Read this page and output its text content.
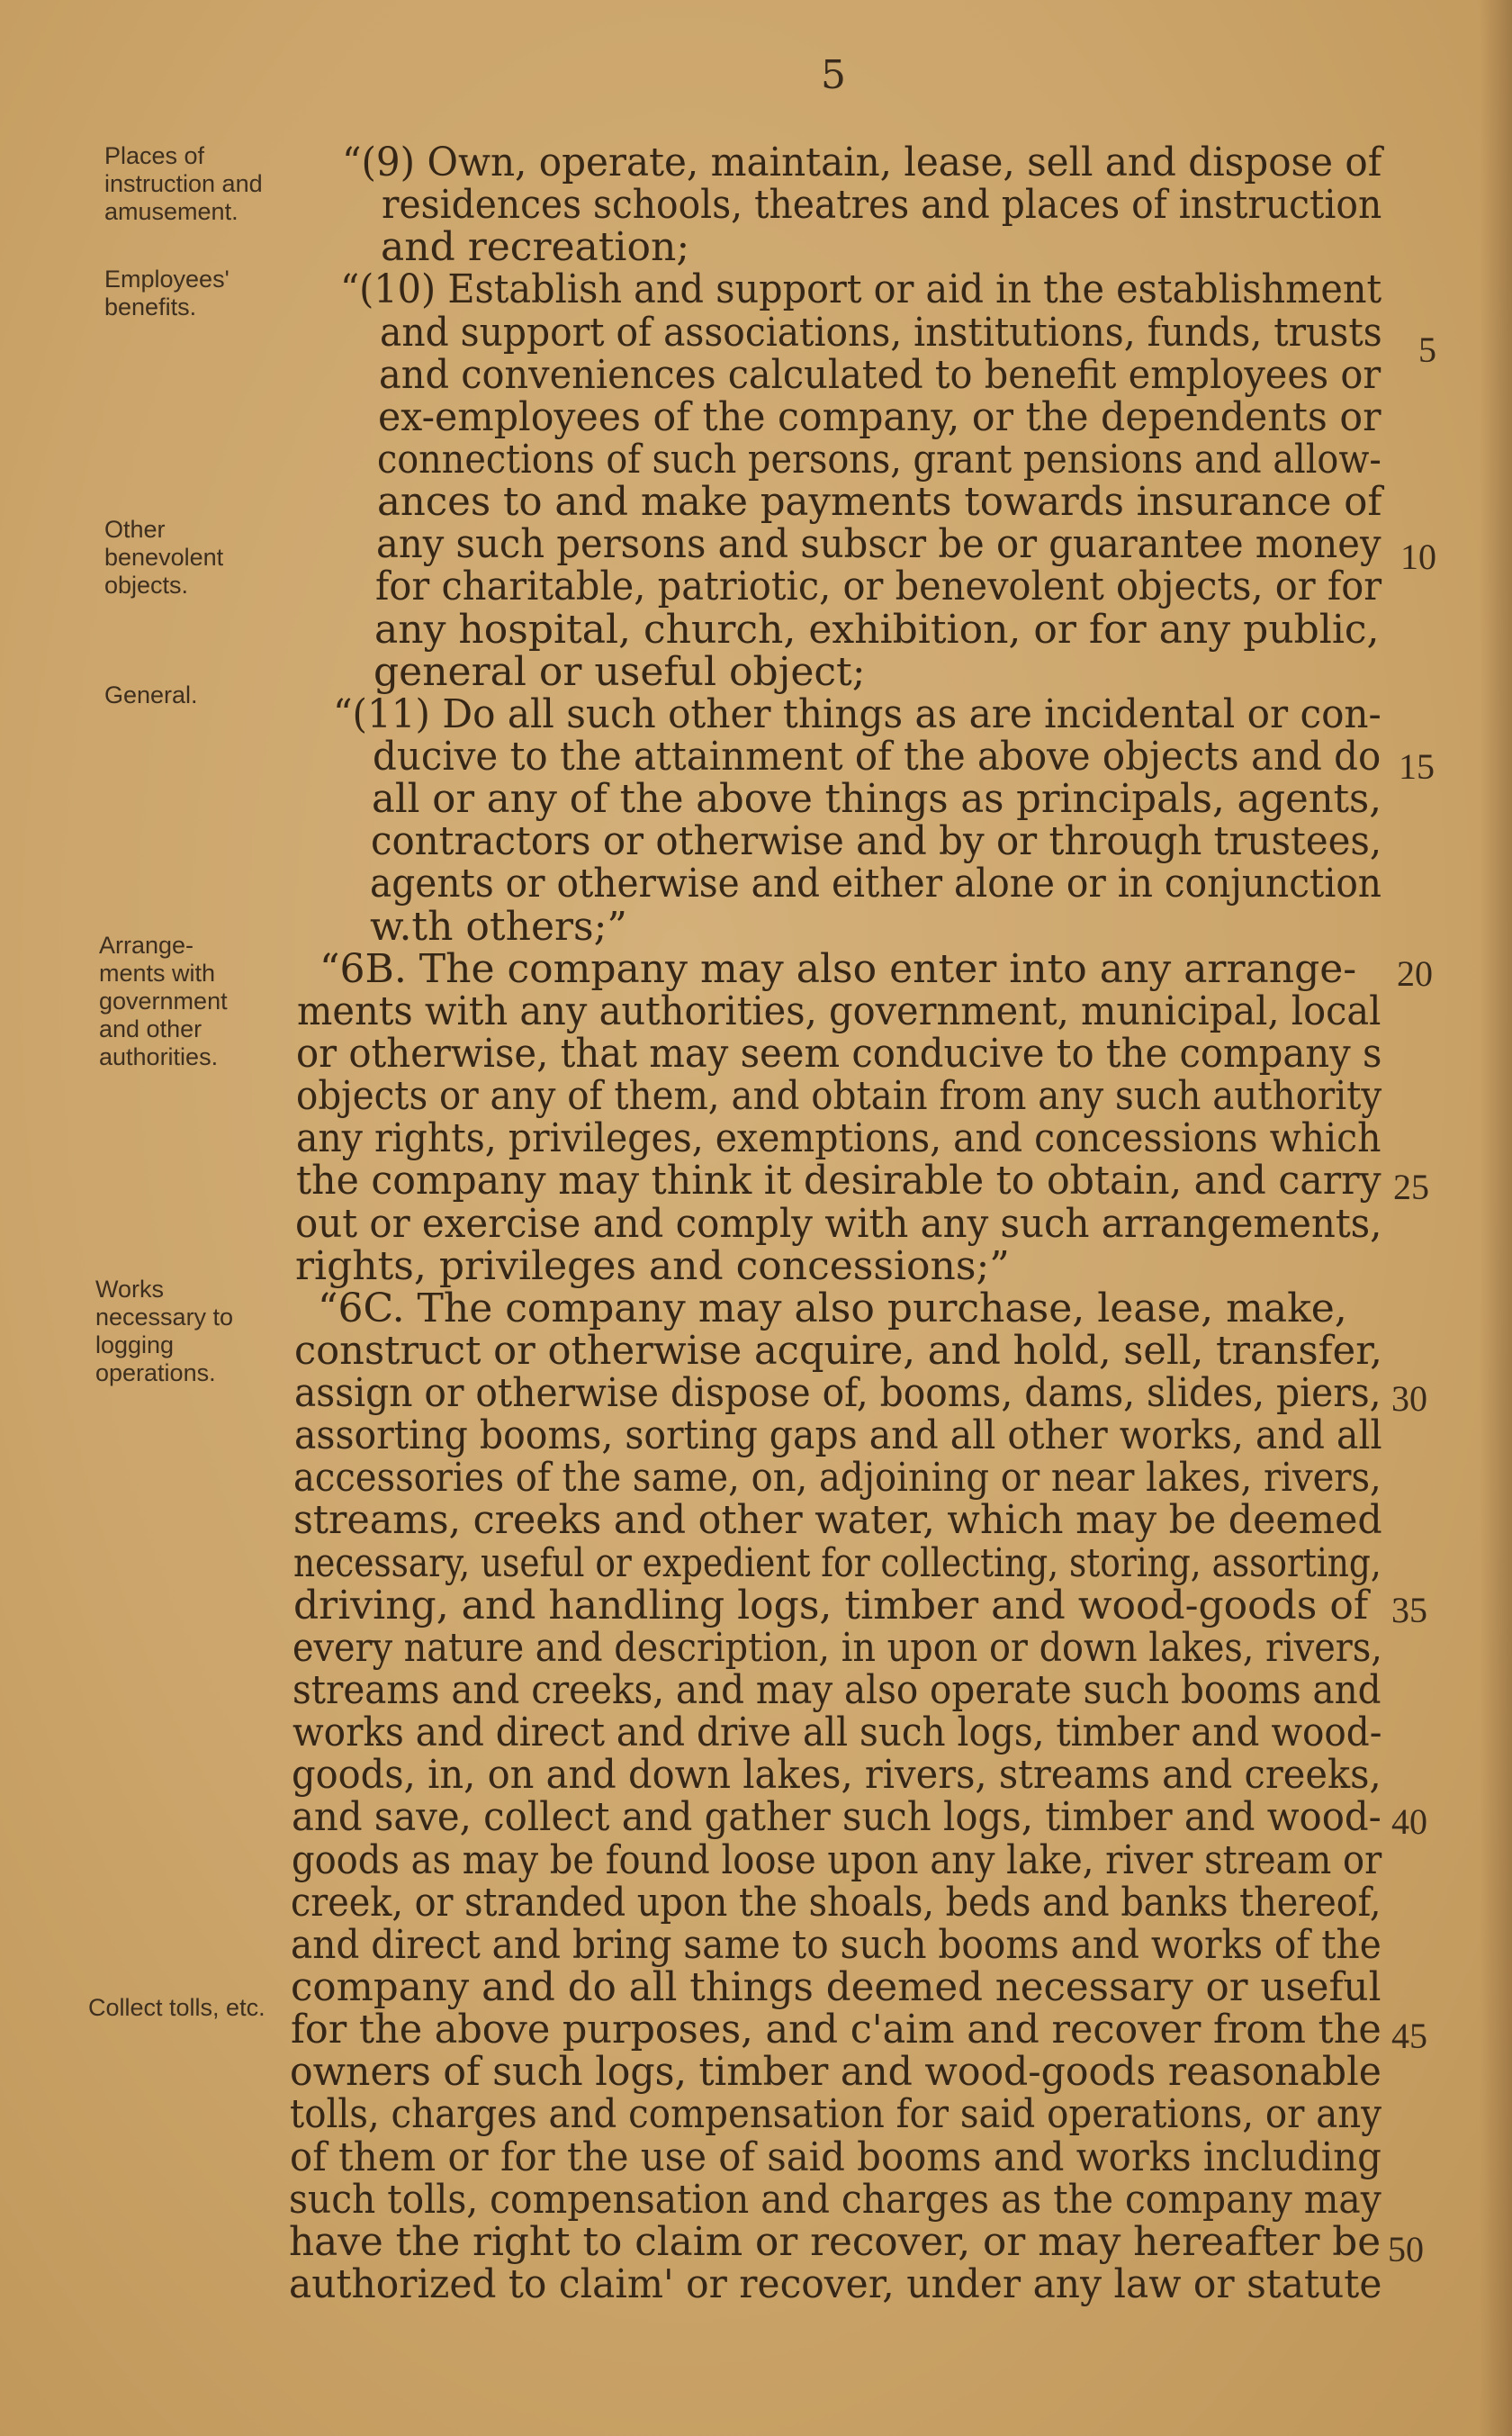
5
Places of instruction and amusement.
Employees' benefits.
Other benevolent objects.
General.
Arrange- ments with government and other authorities.
Works necessary to logging operations.
Collect tolls, etc.
“(9) Own, operate, maintain, lease, sell and dispose of
residences schools, theatres and places of instruction
and recreation;
“(10) Establish and support or aid in the establishment
and support of associations, institutions, funds, trusts
and conveniences calculated to benefit employees or
ex-employees of the company, or the dependents or
connections of such persons, grant pensions and allow-
ances to and make payments towards insurance of
any such persons and subscr be or guarantee money
for charitable, patriotic, or benevolent objects, or for
any hospital, church, exhibition, or for any public,
general or useful object;
“(11) Do all such other things as are incidental or con-
ducive to the attainment of the above objects and do
all or any of the above things as principals, agents,
contractors or otherwise and by or through trustees,
agents or otherwise and either alone or in conjunction
w.th others;”
“6B. The company may also enter into any arrange-
ments with any authorities, government, municipal, local
or otherwise, that may seem conducive to the company s
objects or any of them, and obtain from any such authority
any rights, privileges, exemptions, and concessions which
the company may think it desirable to obtain, and carry
out or exercise and comply with any such arrangements,
rights, privileges and concessions;”
“6C. The company may also purchase, lease, make,
construct or otherwise acquire, and hold, sell, transfer,
assign or otherwise dispose of, booms, dams, slides, piers,
assorting booms, sorting gaps and all other works, and all
accessories of the same, on, adjoining or near lakes, rivers,
streams, creeks and other water, which may be deemed
necessary, useful or expedient for collecting, storing, assorting,
driving, and handling logs, timber and wood-goods of
every nature and description, in upon or down lakes, rivers,
streams and creeks, and may also operate such booms and
works and direct and drive all such logs, timber and wood-
goods, in, on and down lakes, rivers, streams and creeks,
and save, collect and gather such logs, timber and wood-
goods as may be found loose upon any lake, river stream or
creek, or stranded upon the shoals, beds and banks thereof,
and direct and bring same to such booms and works of the
company and do all things deemed necessary or useful
for the above purposes, and c'aim and recover from the
owners of such logs, timber and wood-goods reasonable
tolls, charges and compensation for said operations, or any
of them or for the use of said booms and works including
such tolls, compensation and charges as the company may
have the right to claim or recover, or may hereafter be
authorized to claim' or recover, under any law or statute
5
10
15
20
25
30
35
40
45
50
